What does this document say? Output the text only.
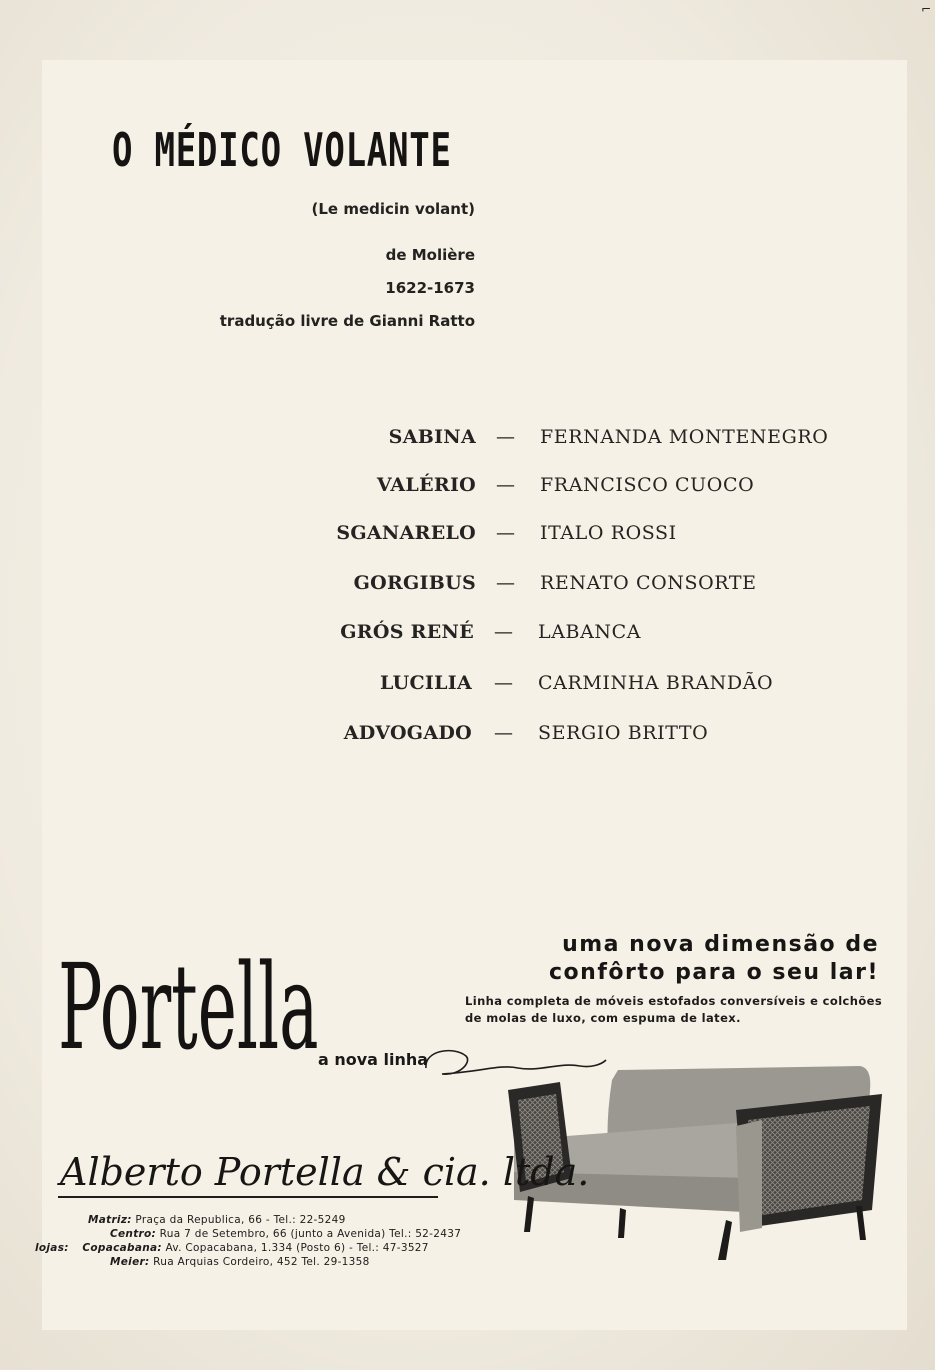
⌐
O MÉDICO VOLANTE
(Le medicin volant)
de Molière
1622-1673
tradução livre de Gianni Ratto
SABINA — FERNANDA MONTENEGRO
VALÉRIO — FRANCISCO CUOCO
SGANARELO — ITALO ROSSI
GORGIBUS — RENATO CONSORTE
GRÓS RENÉ — LABANCA
LUCILIA — CARMINHA BRANDÃO
ADVOGADO — SERGIO BRITTO
Portella	uma nova dimensão de
confôrto para o seu lar!
Linha completa de móveis estofados conversíveis e colchões de molas de luxo, com espuma de latex.
a nova linha
Alberto Portella & cia. ltda.
Matriz: Praça da Republica, 66 - Tel.: 22-5249
Centro: Rua 7 de Setembro, 66 (junto a Avenida) Tel.: 52-2437
lojas: Copacabana: Av. Copacabana, 1.334 (Posto 6) - Tel.: 47-3527
Meier: Rua Arquias Cordeiro, 452 Tel. 29-1358
